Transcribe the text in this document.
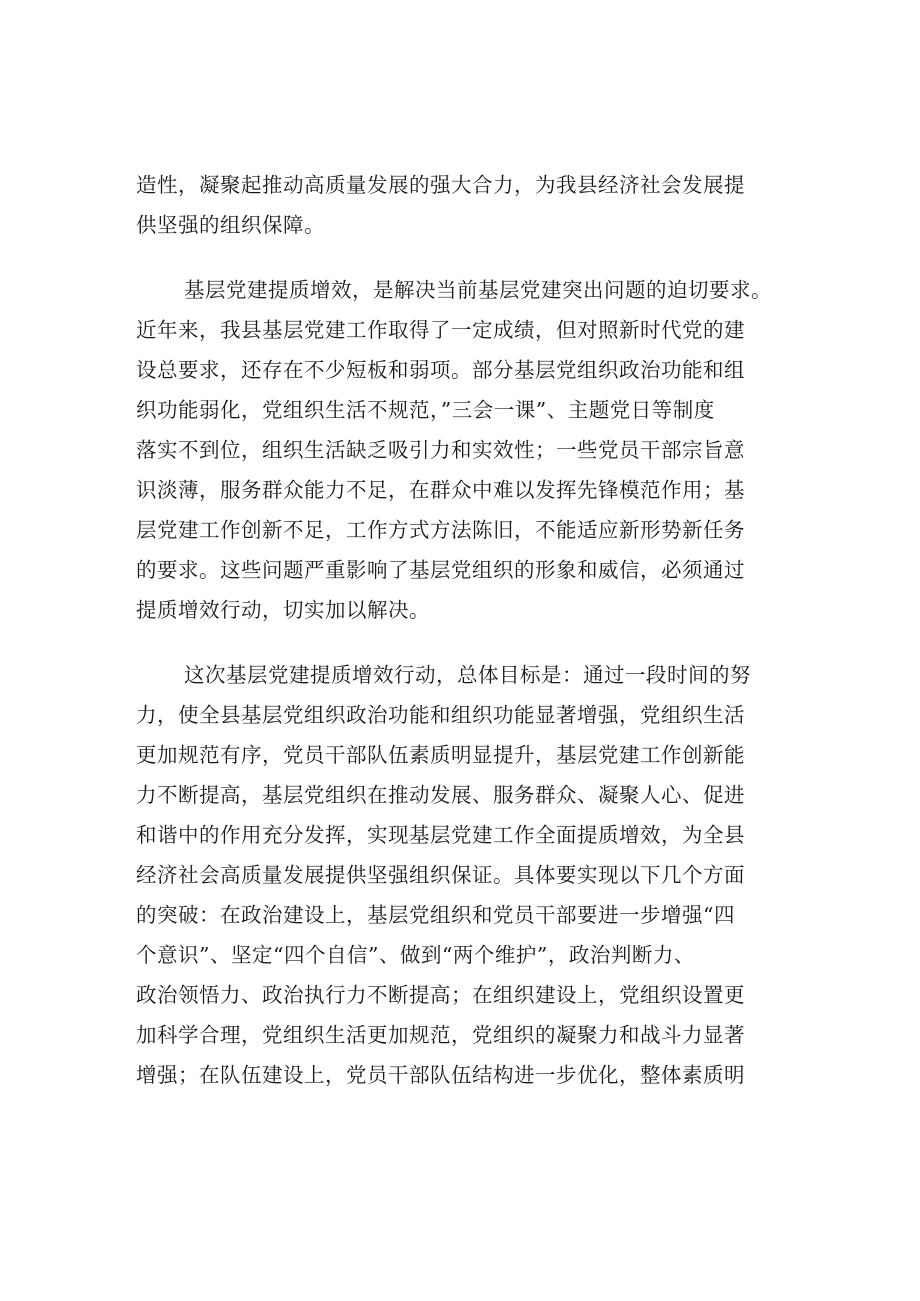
造性，凝聚起推动高质量发展的强大合力，为我县经济社会发展提
供坚强的组织保障。

基层党建提质增效，是解决当前基层党建突出问题的迫切要求。
近年来，我县基层党建工作取得了一定成绩，但对照新时代党的建
设总要求，还存在不少短板和弱项。部分基层党组织政治功能和组
织功能弱化，党组织生活不规范，”三会一课”、主题党日等制度
落实不到位，组织生活缺乏吸引力和实效性；一些党员干部宗旨意
识淡薄，服务群众能力不足，在群众中难以发挥先锋模范作用；基
层党建工作创新不足，工作方式方法陈旧，不能适应新形势新任务
的要求。这些问题严重影响了基层党组织的形象和威信，必须通过
提质增效行动，切实加以解决。

这次基层党建提质增效行动，总体目标是：通过一段时间的努
力，使全县基层党组织政治功能和组织功能显著增强，党组织生活
更加规范有序，党员干部队伍素质明显提升，基层党建工作创新能
力不断提高，基层党组织在推动发展、服务群众、凝聚人心、促进
和谐中的作用充分发挥，实现基层党建工作全面提质增效，为全县
经济社会高质量发展提供坚强组织保证。具体要实现以下几个方面
的突破：在政治建设上，基层党组织和党员干部要进一步增强“四
个意识”、坚定“四个自信”、做到“两个维护”，政治判断力、
政治领悟力、政治执行力不断提高；在组织建设上，党组织设置更
加科学合理，党组织生活更加规范，党组织的凝聚力和战斗力显著
增强；在队伍建设上，党员干部队伍结构进一步优化，整体素质明
